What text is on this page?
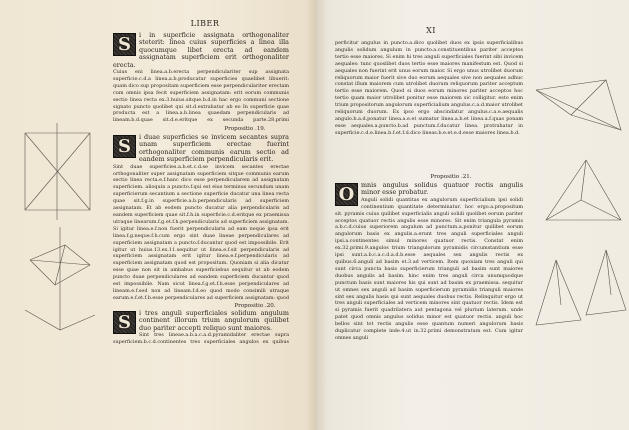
LIBER
S	i in superficie assignata orthogonaliter steterit: linea cuius superficies a linea illa quocumque libet erecta ad eandem assignatam superficiem erit orthogonaliter erecta.

Cuius eni linea.a.b.erecta perpendiculariter sup assignata superficie.c.d.a linea.a.b.producatur superficies quaelibet libuerit: quam dico sup propositam superficiem esse perpendiculariter erectam cum omnis ipsa fecit superficiem assignatam: erit eorum communis sectio linea recta ex.3.huius.sitque.b.d.in hac ergo communi sectione signato puncto quolibet qui sit.d.extrahatur ab eo In superficie quae producta est a linea.a.b.linea quaedam perpendicularis ad lineam.b.d.quae sit.d.e.eritque ex secunda parte.28.primi

Propositio .19.
S	i duae superficies se invicem secantes supra unam superficiem erectae fuerint orthogonaliter communis earum sectio ad eandem superficiem perpendicularis erit.

Sint duae superficies.a.b.et.c.d.se invicem secantes erectae orthogonaliter super assignatam superficiem sitque communis earum sectio linea recta.e.f.hanc dico esse perpendicularem ad assignatam superficiem. alioquin a puncto.f.qui est eius terminus secundum unam superficierum secantium a sectione superficie ducatur una linea recta quae sit.f.g.in superficie.a.b.perpendicularis ad superficiem assignatam. Et ab eodem puncto ducatur alia perpendicularis ad eandem superficiem quae sit.f.h.in superficie.c.d.eritque ex praemissa utraque linearum.f.g.et.f.h.perpendicularis ad superficiem assignatam. Si igitur linea.e.f.non fuerit perpendicularis ad eam neque ipsa erit linea.f.g.neque.f.h.cum ergo sint duae lineae perpendiculares ad superficiem assignatam a puncto.f.ducantur quod est impossibile. Erit igitur ut huius.13.ex.11.sequitur ut linea.e.f.sit perpendicularis ad superficiem assignatam erit igitur linea.e.f.perpendicularis ad superficiem assignatam quod est propositum. Quoniam si alia dicatur esse quae non sit in ambabus superficiebus sequitur ut ab eodem puncto duae perpendiculares ad eandem superficiem ducantur quod est impossibile. Nam sicut linea.f.g.et.f.h.esse perpendiculares ad lineam.e.f.sed non ad lineam.f.d.eo quod modo consimili utraque earum.e.f.et.f.b.esse perpendiculares ad superficiem assignatam: quod

Propositio .20.
S	i tres anguli superficiales solidum angulum continent illorum trium angulorum quilibet duo pariter accepti reliquo sunt maiores.

Sint tres lineae.a.b.a.c.a.d.pyramidaliter erectae supra superficiem.b.c.d.continentes tres superficiales angulos ex quibus

XI

perficitur angulus in puncto.a.dico quolibet duos ex ipsis superficialibus angulis solidum angulum in puncto.a.constituentibus pariter acceptos tertio esse maiores. Si enim hi tres anguli superficiales fuerint sibi invicem aequales: tunc quoslibet duos tertio esse maiores manifestum est. Quod si aequales non fuerint erit unus eorum maior. Si ergo unus utrolibet duorum reliquorum maior fuerit sive duo eorum aequales sive non aequales adhuc constat illum maiorem cum utrolibet duorum reliquorum pariter acceptum tertio esse maiorem. Quod si duos eorum minores pariter acceptos hoc tertio quam maior utrolibet ponitur esse maiorem sic colligitur. esto enim trium propositorum angulorum superficialium angulus.c.a.d.maior utrolibet reliquorum duorum. Ex ipso ergo abscindatur angulus.c.a.e.aequalis angulo.b.a.d.ponatur linea.a.e.et sumatur linea.a.b.et linea.a.f.quas ponam esse aequales.a.puncto.b.ad punctum.f.ducatur linea. protrahatur in superficie.c.d.e.linea.b.f.et.f.d.dico lineas.b.e.et.e.d.esse maiores linea.b.d.

Propositio .21.
O	mnis angulus solidus quatuor rectis angulis minor esse probatur.

Anguli solidi quantitas ex angulorum superficialium ipsi solidi continentium quantitate determinatur. hoc ergo.a.propositum sit. pyramis cuius quilibet superficialis anguli solidi quolibet eorum pariter acceptos quatuor rectis angulis esse minores. Sit enim triangula pyramis a.b.c.d.cuius superiorem angulum ad punctum.a.ponitur quilibet eorum angulorum basis ex angulis.a.erunt tres anguli superficiales anguli ipsi.a.continentes simul minores quatuor rectis. Constat enim ex.32.primi.9.angulos trium triangulorum pyramidis circumstantium esse ipsi sunt.a.b.c.a.c.d.a.d.b.esse aequales sex angulis rectis ex quibus.6.anguli ad basim et.3.ad verticem. Item quoniam tres anguli qui sunt circa puncta basis superficierum trianguli ad basim sunt maiores duobus angulis ad basim. hinc enim tres anguli circa unumquodque punctum basis sunt maiores his qui sunt ad basim ex praemissa. sequitur ut omnes sex anguli ad basim superficierum pyramidis trianguli maiores sint sex angulis basis qui sunt aequales duobus rectis. Relinquitur ergo ut tres anguli superficiales ad verticem minores sint quatuor rectis. Idem est si pyramis fuerit quadrilatera aut pentagona vel plurium laterum. unde patet quod omnis angulus solidus minor est quatuor rectis. anguli hoc bellos sint tot rectis angulis esse quantum numeri angulorum basis duplicatur complete inde.4.ut in.32.primi demonstratum est. Cum igitur omnes anguli
